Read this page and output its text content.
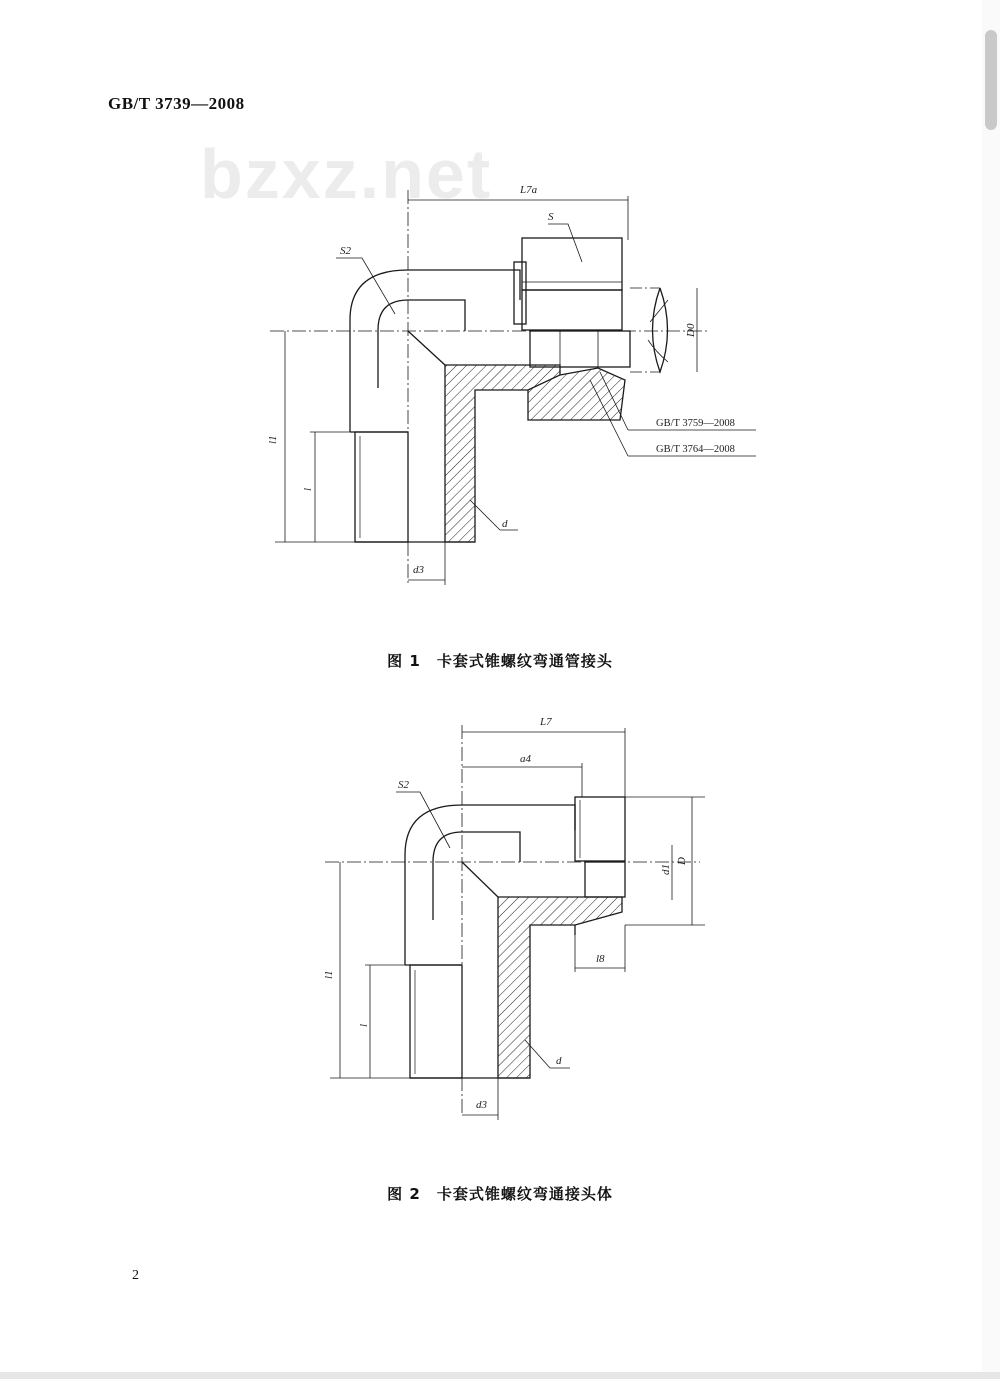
GB/T 3739—2008
bzxz.net	L7a
S
S2
D0
l1
l
d
d3
GB/T 3759—2008
GB/T 3764—2008
L7
a4
S2
d1
D
l8
l1
l
d
d3
图 1　卡套式锥螺纹弯通管接头
图 2　卡套式锥螺纹弯通接头体
2
